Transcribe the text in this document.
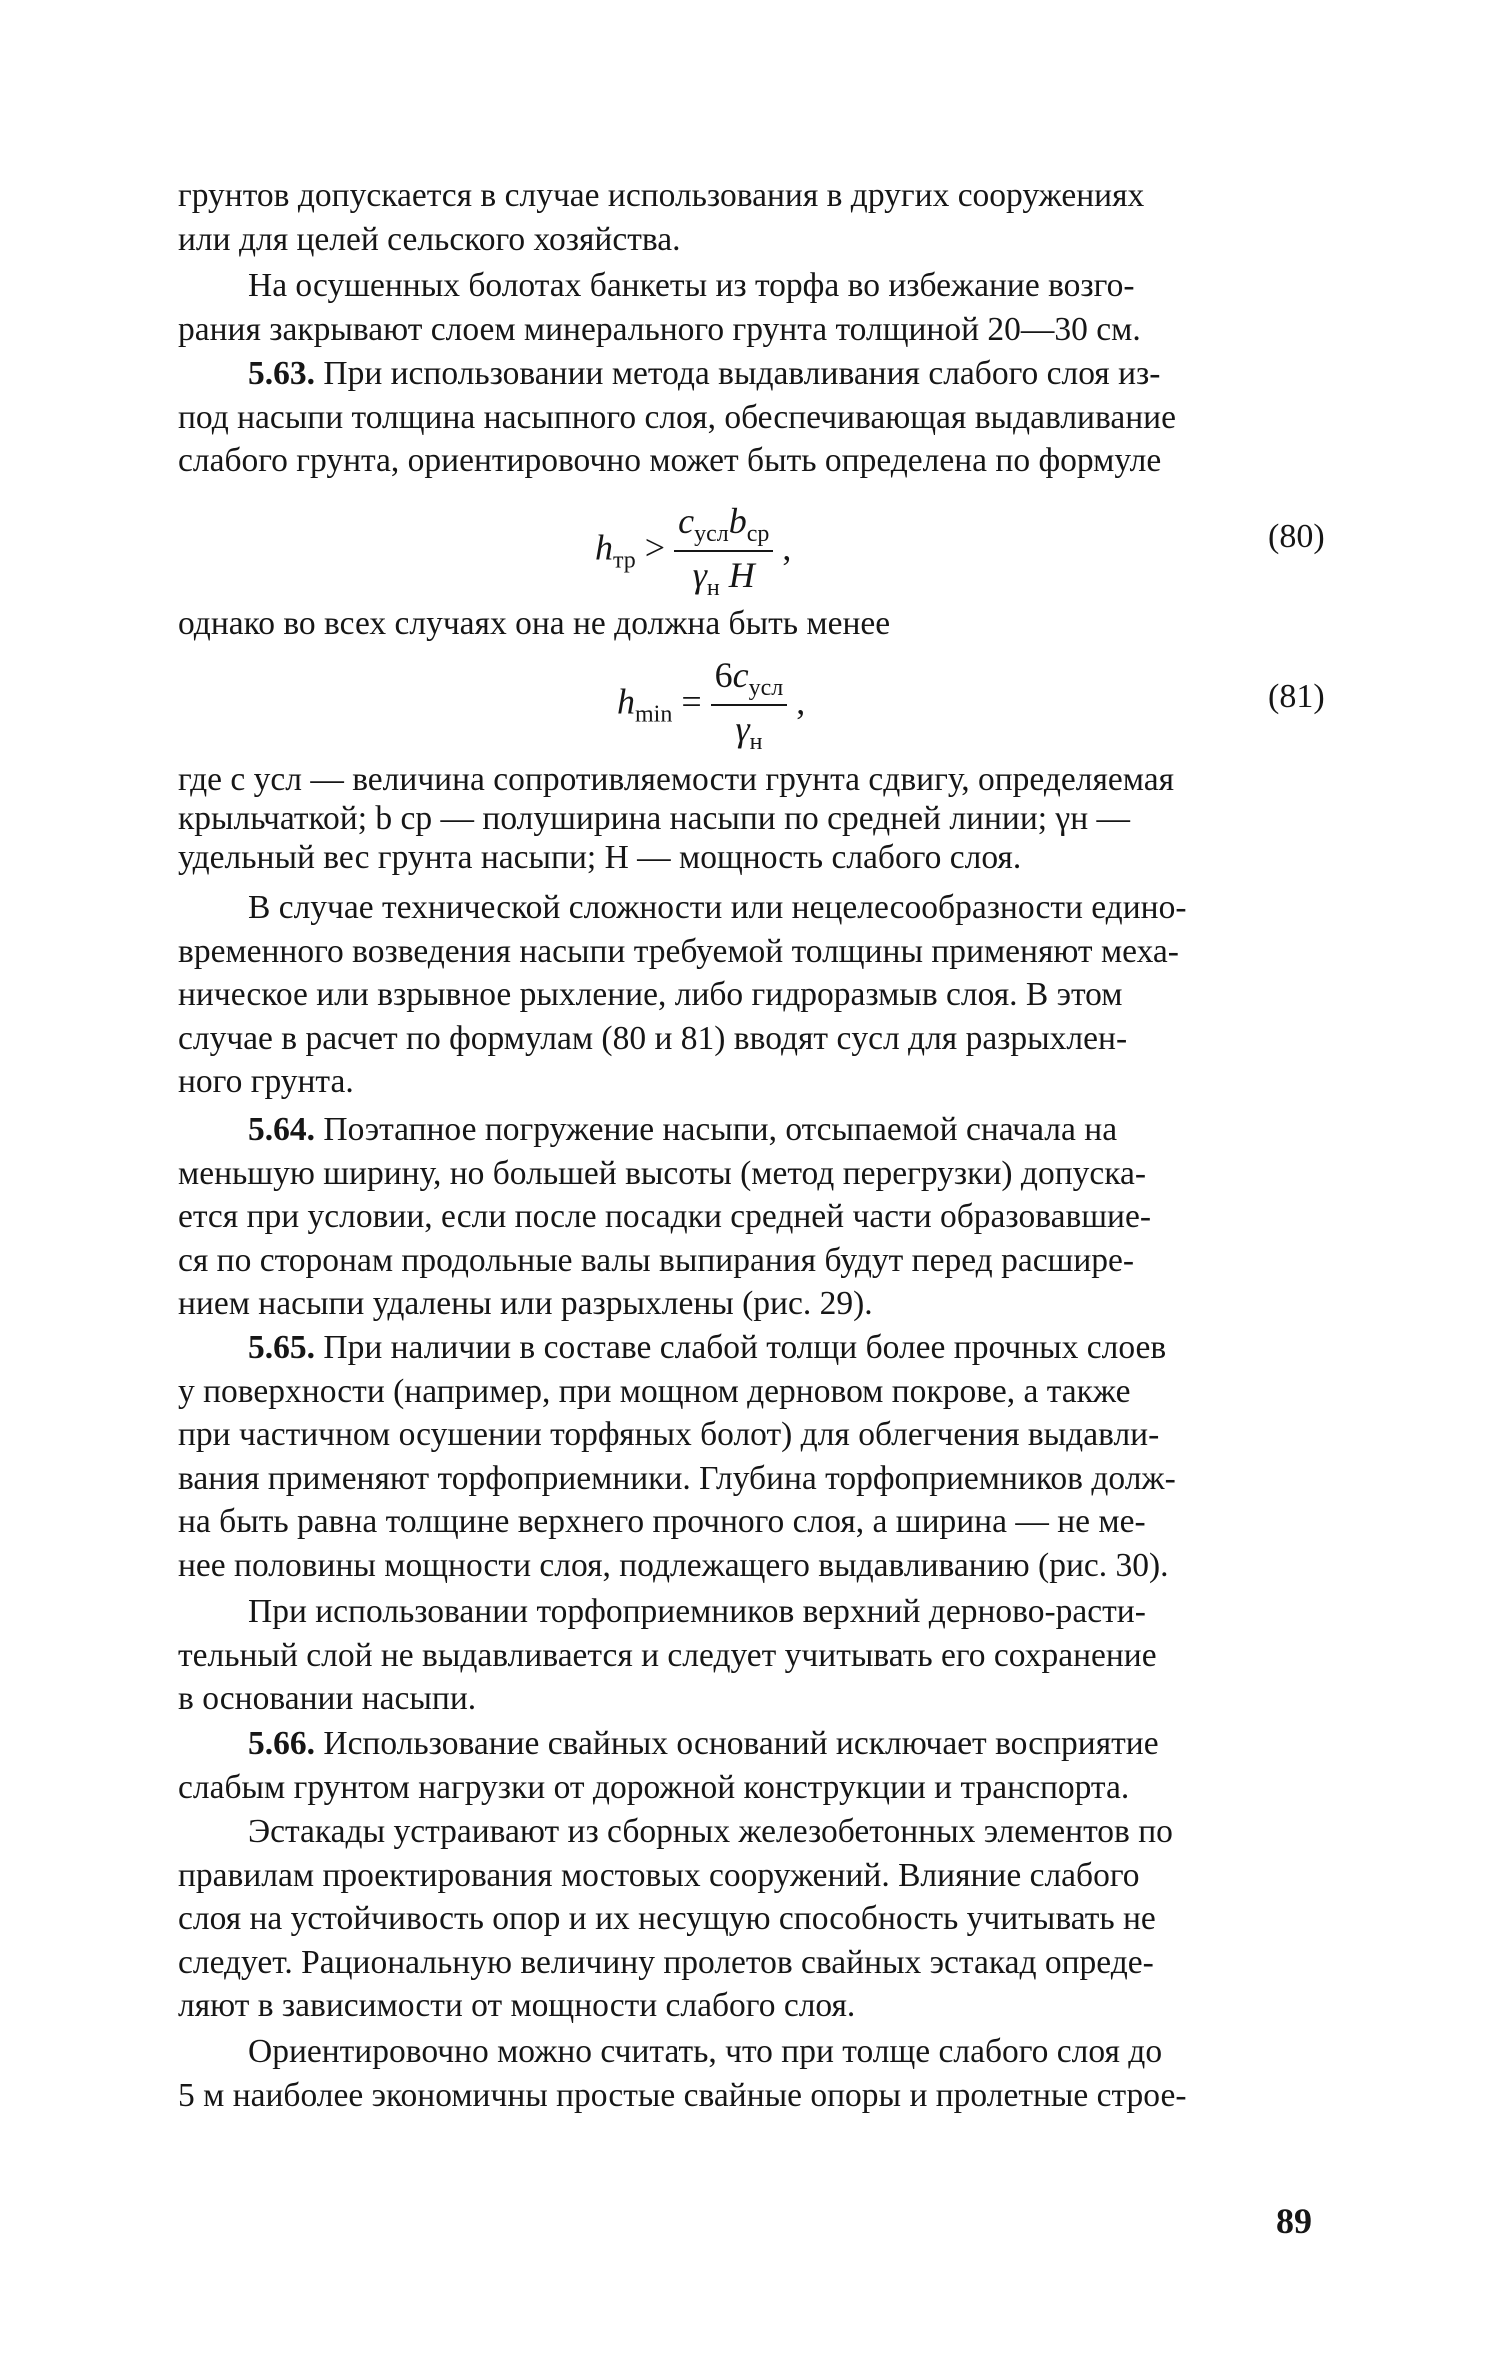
грунтов допускается в случае использования в других сооружениях

или для целей сельского хозяйства.

На осушенных болотах банкеты из торфа во избежание возго-

рания закрывают слоем минерального грунта толщиной 20—30 см.

5.63. При использовании метода выдавливания слабого слоя из-

под насыпи толщина насыпного слоя, обеспечивающая выдавливание

слабого грунта, ориентировочно может быть определена по формуле

$h_{тр} > \frac{c_{усл}b_{ср}}{\gamma_н H}$ ,	(80)

однако во всех случаях она не должна быть менее

$h_{min} = \frac{6c_{усл}}{\gamma_н}$ ,	(81)

где c усл — величина сопротивляемости грунта сдвигу, определяемая

крыльчаткой; b ср — полуширина насыпи по средней линии; γн —

удельный вес грунта насыпи; H — мощность слабого слоя.

В случае технической сложности или нецелесообразности едино-

временного возведения насыпи требуемой толщины применяют меха-

ническое или взрывное рыхление, либо гидроразмыв слоя. В этом

случае в расчет по формулам (80 и 81) вводят cусл для разрыхлен-

ного грунта.

5.64. Поэтапное погружение насыпи, отсыпаемой сначала на

меньшую ширину, но большей высоты (метод перегрузки) допуска-

ется при условии, если после посадки средней части образовавшие-

ся по сторонам продольные валы выпирания будут перед расшире-

нием насыпи удалены или разрыхлены (рис. 29).

5.65. При наличии в составе слабой толщи более прочных слоев

у поверхности (например, при мощном дерновом покрове, а также

при частичном осушении торфяных болот) для облегчения выдавли-

вания применяют торфоприемники. Глубина торфоприемников долж-

на быть равна толщине верхнего прочного слоя, а ширина — не ме-

нее половины мощности слоя, подлежащего выдавливанию (рис. 30).

При использовании торфоприемников верхний дерново-расти-

тельный слой не выдавливается и следует учитывать его сохранение

в основании насыпи.

5.66. Использование свайных оснований исключает восприятие

слабым грунтом нагрузки от дорожной конструкции и транспорта.

Эстакады устраивают из сборных железобетонных элементов по

правилам проектирования мостовых сооружений. Влияние слабого

слоя на устойчивость опор и их несущую способность учитывать не

следует. Рациональную величину пролетов свайных эстакад опреде-

ляют в зависимости от мощности слабого слоя.

Ориентировочно можно считать, что при толще слабого слоя до

5 м наиболее экономичны простые свайные опоры и пролетные строе-

89
